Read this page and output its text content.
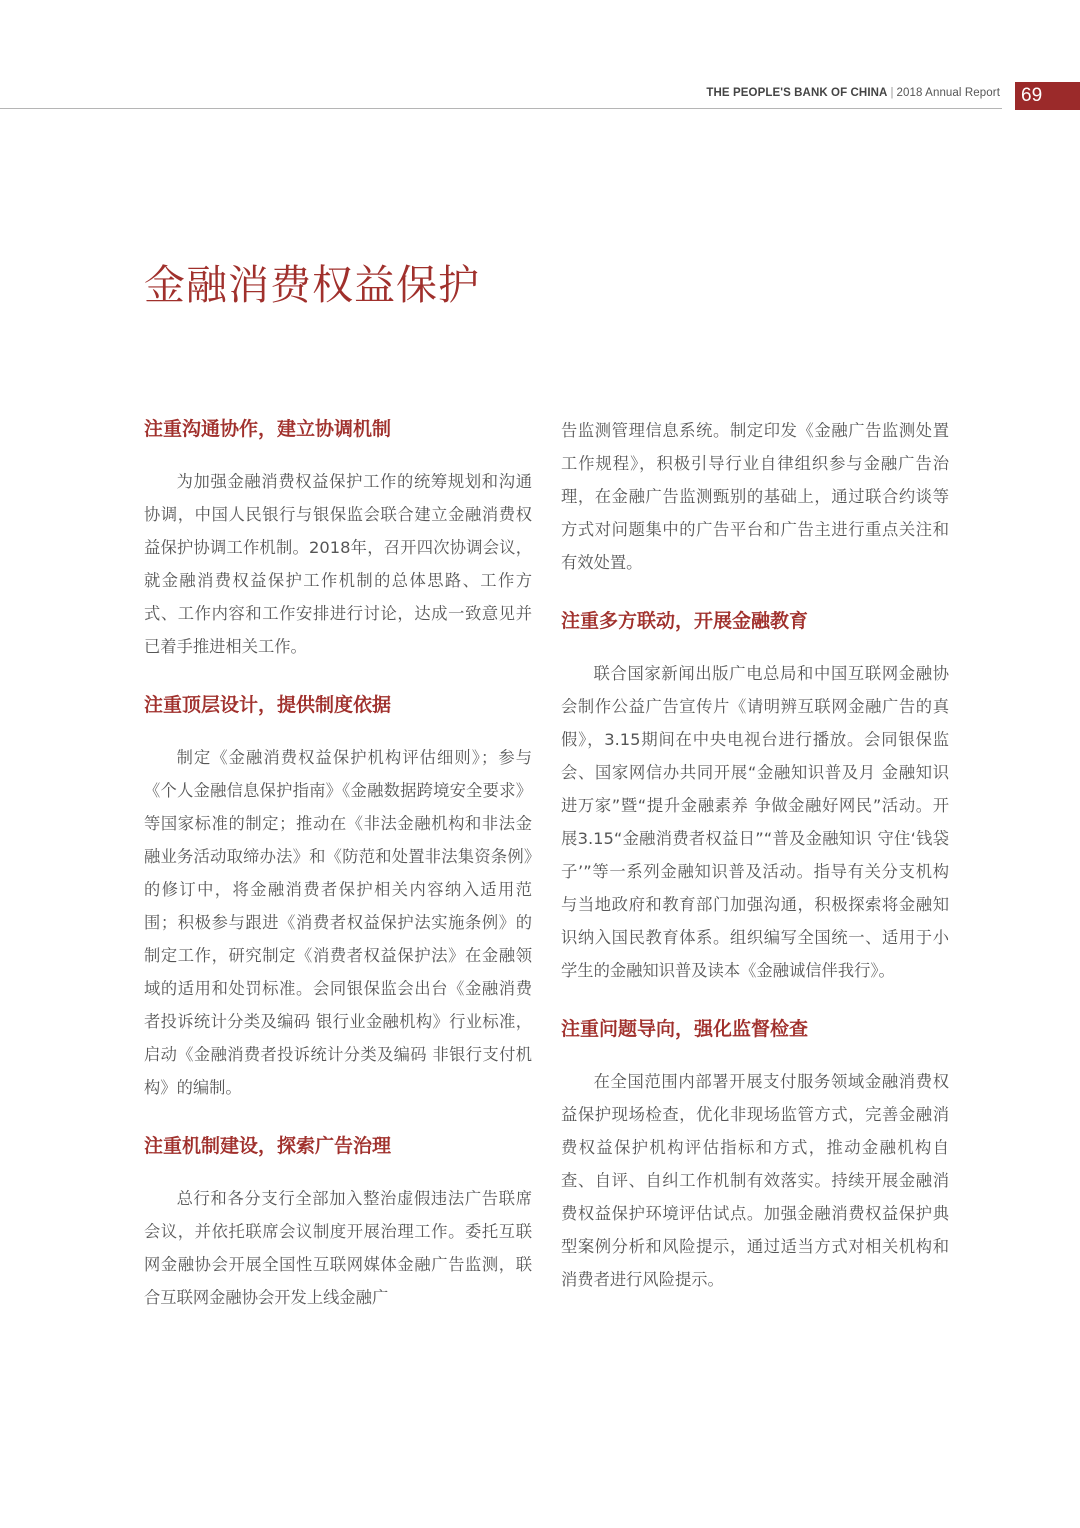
THE PEOPLE'S BANK OF CHINA | 2018 Annual Report	69
金融消费权益保护
注重沟通协作，建立协调机制

为加强金融消费权益保护工作的统筹规划和沟通协调，中国人民银行与银保监会联合建立金融消费权益保护协调工作机制。2018年，召开四次协调会议，就金融消费权益保护工作机制的总体思路、工作方式、工作内容和工作安排进行讨论，达成一致意见并已着手推进相关工作。

注重顶层设计，提供制度依据

制定《金融消费权益保护机构评估细则》；参与《个人金融信息保护指南》《金融数据跨境安全要求》等国家标准的制定；推动在《非法金融机构和非法金融业务活动取缔办法》和《防范和处置非法集资条例》的修订中，将金融消费者保护相关内容纳入适用范围；积极参与跟进《消费者权益保护法实施条例》的制定工作，研究制定《消费者权益保护法》在金融领域的适用和处罚标准。会同银保监会出台《金融消费者投诉统计分类及编码 银行业金融机构》行业标准，启动《金融消费者投诉统计分类及编码 非银行支付机构》的编制。

注重机制建设，探索广告治理

总行和各分支行全部加入整治虚假违法广告联席会议，并依托联席会议制度开展治理工作。委托互联网金融协会开展全国性互联网媒体金融广告监测，联合互联网金融协会开发上线金融广

告监测管理信息系统。制定印发《金融广告监测处置工作规程》，积极引导行业自律组织参与金融广告治理，在金融广告监测甄别的基础上，通过联合约谈等方式对问题集中的广告平台和广告主进行重点关注和有效处置。

注重多方联动，开展金融教育

联合国家新闻出版广电总局和中国互联网金融协会制作公益广告宣传片《请明辨互联网金融广告的真假》，3.15期间在中央电视台进行播放。会同银保监会、国家网信办共同开展“金融知识普及月 金融知识进万家”暨“提升金融素养 争做金融好网民”活动。开展3.15“金融消费者权益日”“普及金融知识 守住‘钱袋子’”等一系列金融知识普及活动。指导有关分支机构与当地政府和教育部门加强沟通，积极探索将金融知识纳入国民教育体系。组织编写全国统一、适用于小学生的金融知识普及读本《金融诚信伴我行》。

注重问题导向，强化监督检查

在全国范围内部署开展支付服务领域金融消费权益保护现场检查，优化非现场监管方式，完善金融消费权益保护机构评估指标和方式，推动金融机构自查、自评、自纠工作机制有效落实。持续开展金融消费权益保护环境评估试点。加强金融消费权益保护典型案例分析和风险提示，通过适当方式对相关机构和消费者进行风险提示。
